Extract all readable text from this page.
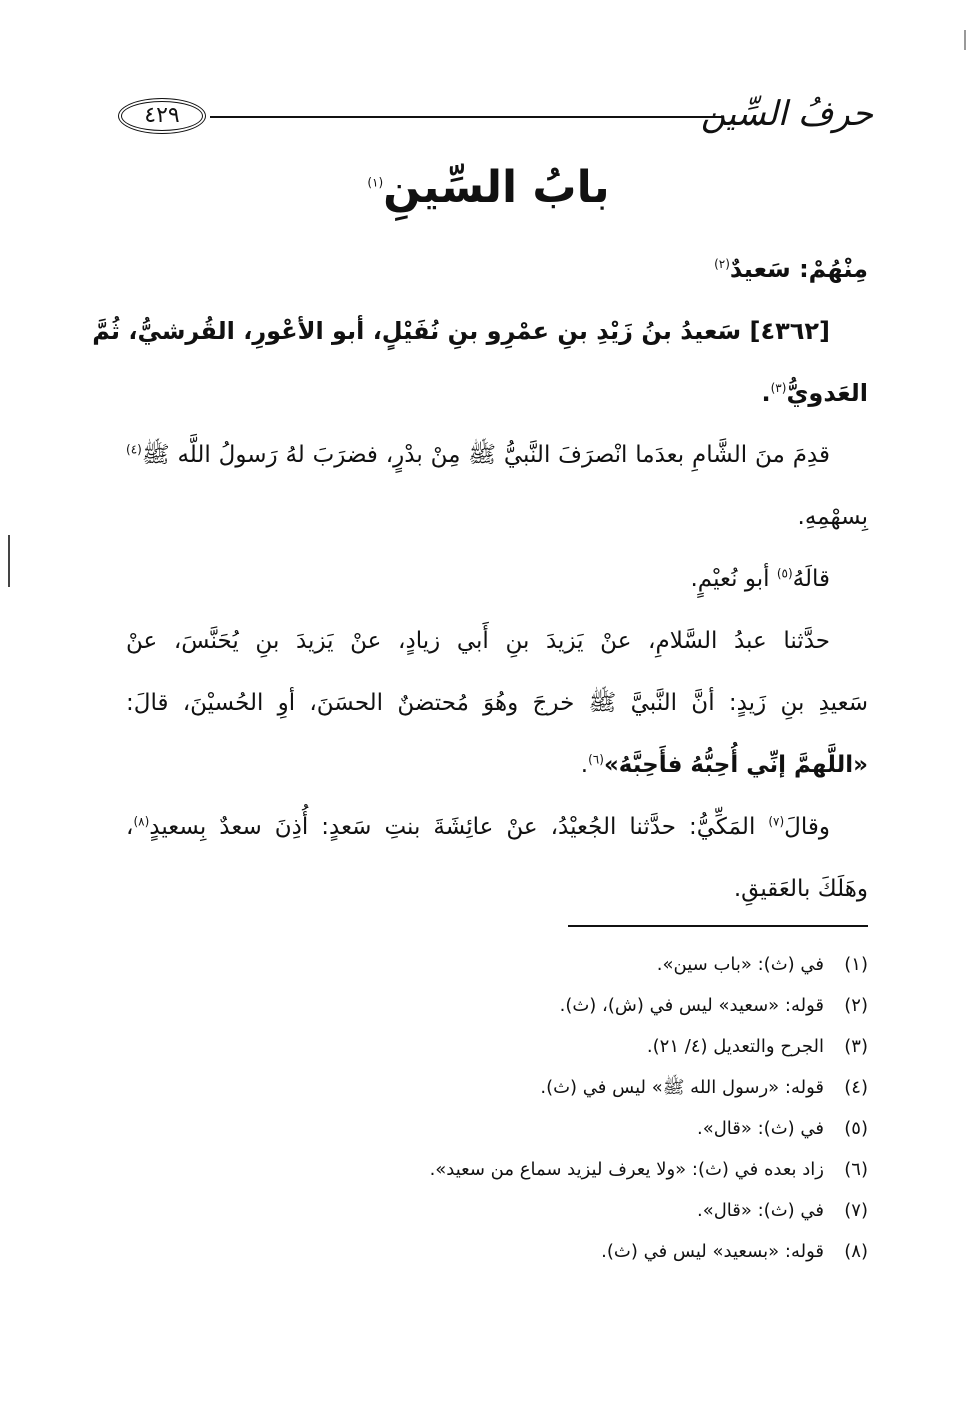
حرفُ السِّين
٤٢٩
بابُ السِّينِ$^{(١)}$
مِنْهُمْ: سَعيدٌ$^{(٢)}$
[٤٣٦٢] سَعيدُ بنُ زَيْدِ بنِ عمْرِو بنِ نُفَيْلٍ، أبو الأعْورِ، القُرشيُّ، ثُمَّ
العَدويُّ$^{(٣)}$.
قدِمَ منَ الشَّامِ بعدَما انْصرَفَ النَّبيُّ ﷺ مِنْ بدْرٍ، فضرَبَ لهُ رَسولُ اللَّه ﷺ$^{(٤)}$
بِسهْمِهِ.
قالَهُ$^{(٥)}$ أبو نُعيْمٍ.
حدَّثنا عبدُ السَّلامِ، عنْ يَزيدَ بنِ أَبي زيادٍ، عنْ يَزيدَ بنِ يُحَنَّسَ، عنْ
سَعيدِ بنِ زَيدٍ: أنَّ النَّبيَّ ﷺ خرجَ وهُوَ مُحتضنٌ الحسَنَ، أوِ الحُسيْنَ، قالَ:
«اللَّهمَّ إنِّي أُحِبُّهُ فأَحِبَّهُ»$^{(٦)}$.
وقالَ$^{(٧)}$ المَكِّيُّ: حدَّثنا الجُعيْدُ، عنْ عائِشَةَ بنتِ سَعدٍ: أُذِنَ سعدٌ بِسعيدٍ$^{(٨)}$،
وهَلَكَ بالعَقيقِ.
(١)في (ث): «باب سين».
(٢)قوله: «سعيد» ليس في (ش)، (ث).
(٣)الجرح والتعديل (٤/ ٢١).
(٤)قوله: «رسول الله ﷺ» ليس في (ث).
(٥)في (ث): «قال».
(٦)زاد بعده في (ث): «ولا يعرف ليزيد سماع من سعيد».
(٧)في (ث): «قال».
(٨)قوله: «بسعيد» ليس في (ث).
